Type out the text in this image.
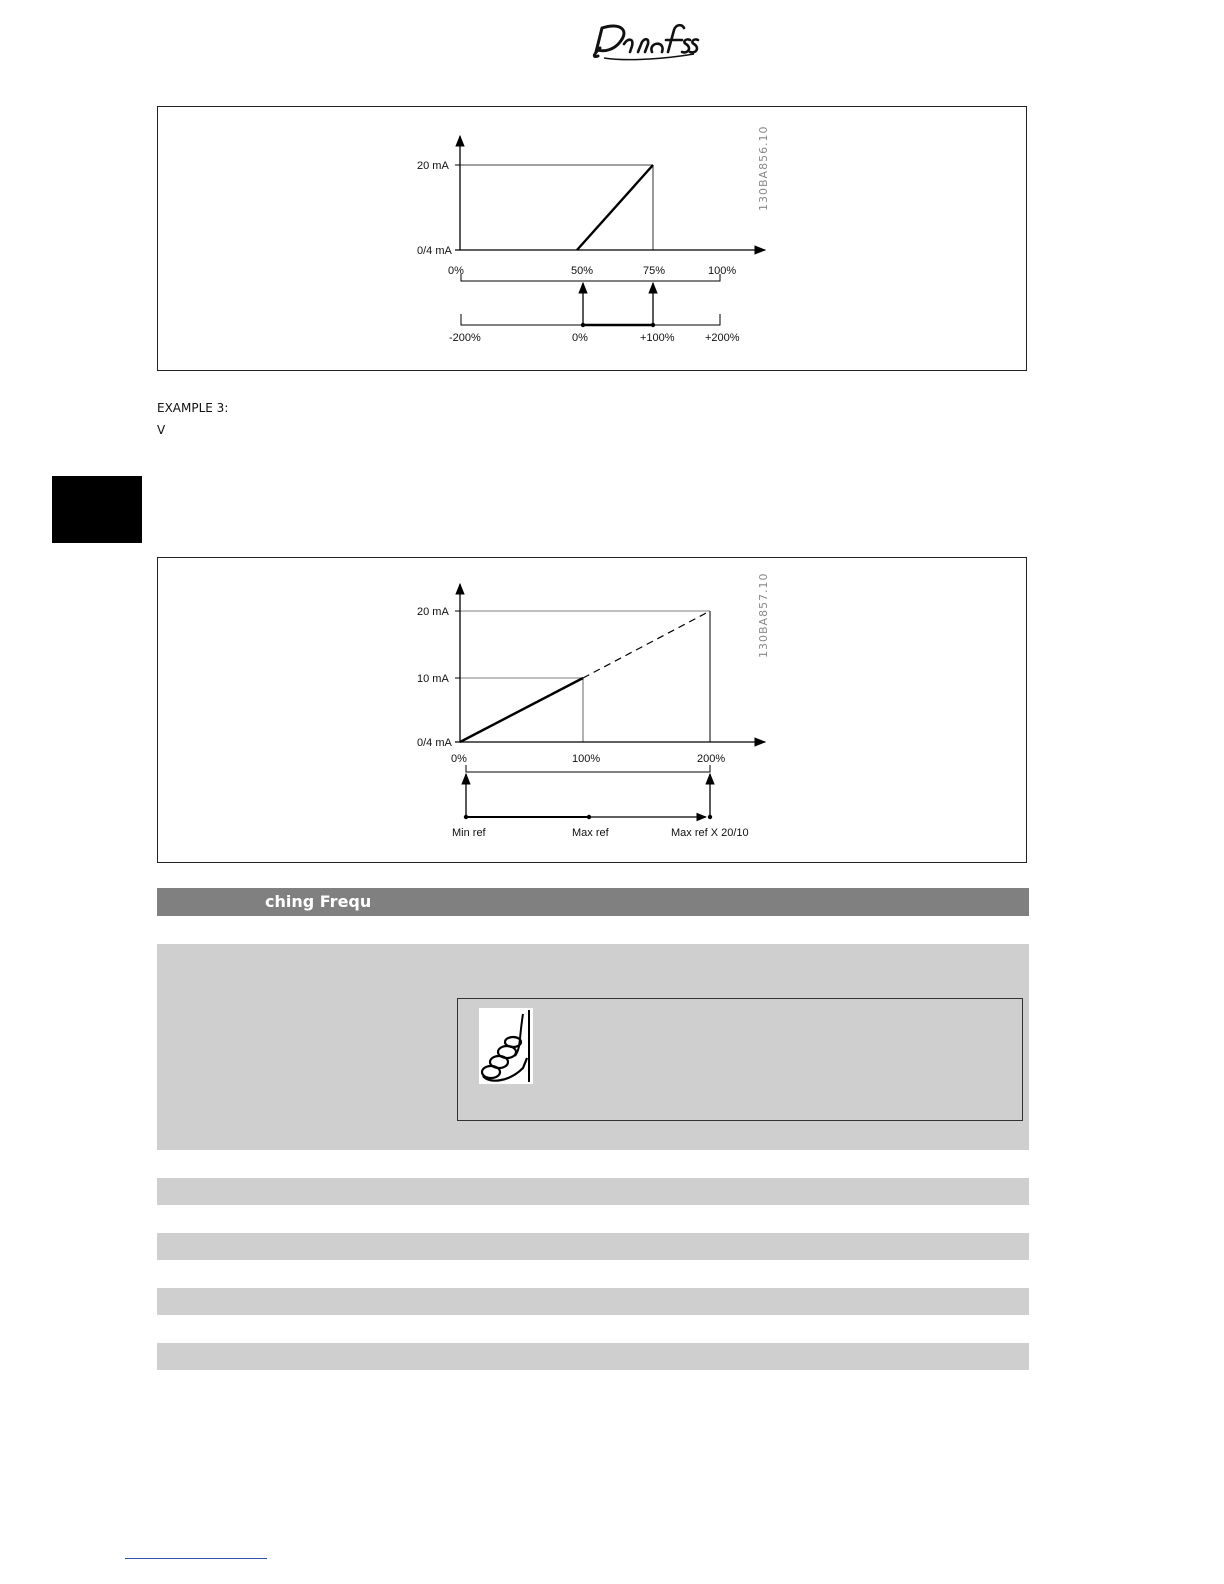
20 mA
0/4 mA
0%	50%	75%	100%
-200%	0%	+100%	+200%
130BA856.10
EXAMPLE 3:
V
20 mA
10 mA
0/4 mA
0%	100%	200%
Min ref	Max ref	Max ref X 20/10
130BA857.10
ching Frequ
